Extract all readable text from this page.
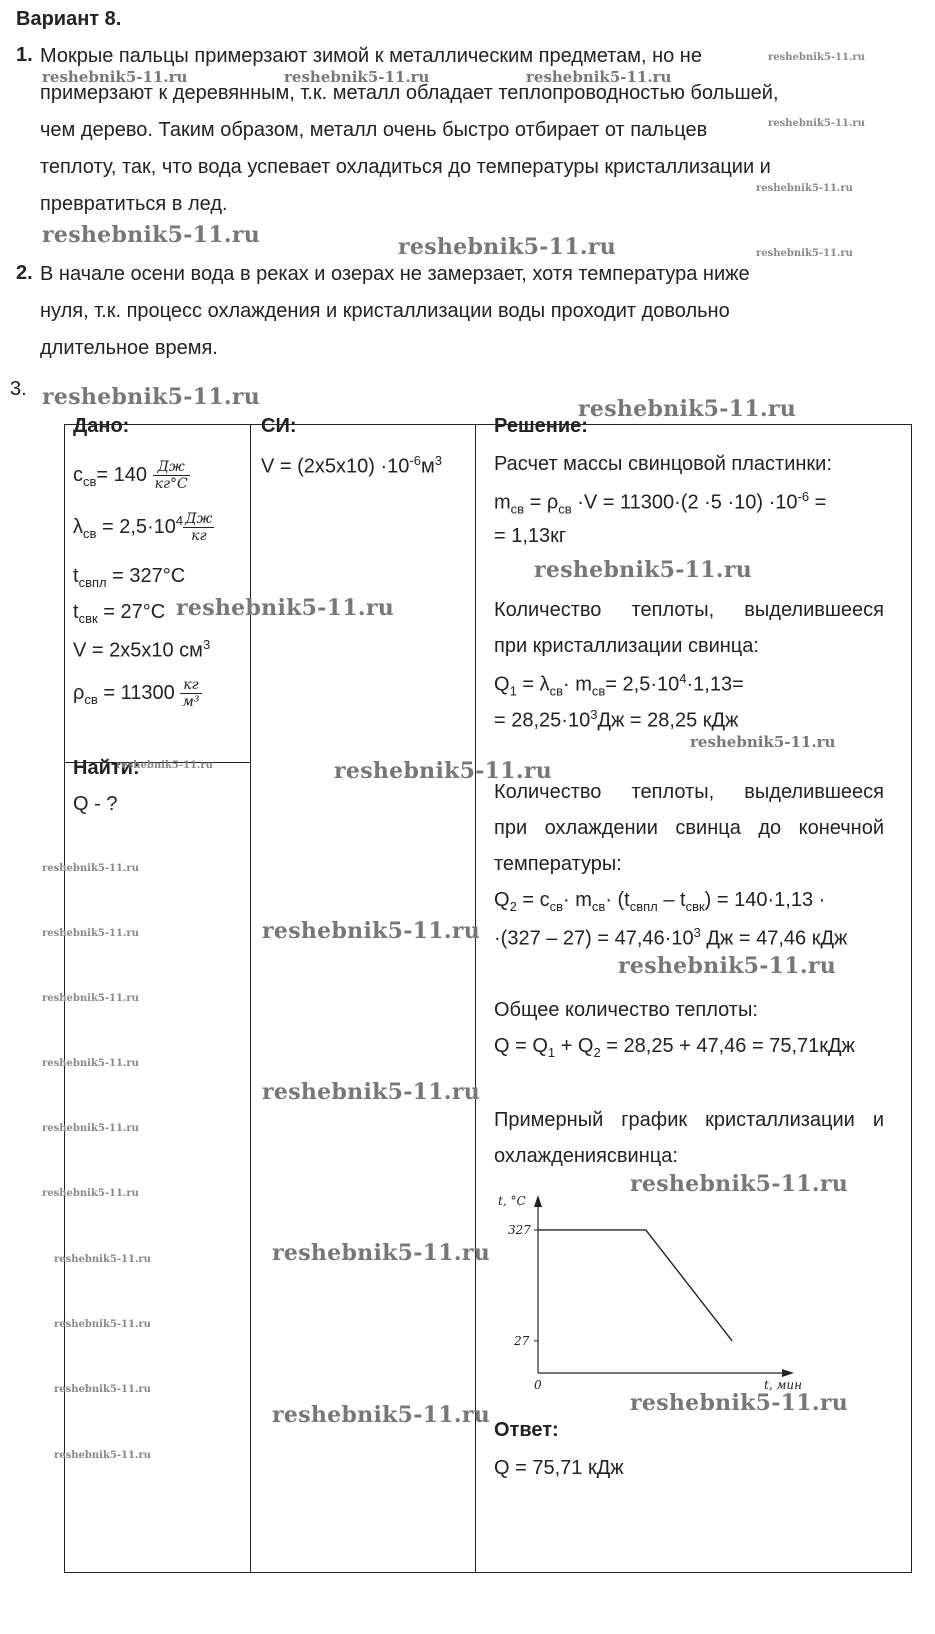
Вариант 8.
1. Мокрые пальцы примерзают зимой к металлическим предметам, но не
примерзают к деревянным, т.к. металл обладает теплопроводностью большей,
чем дерево. Таким образом, металл очень быстро отбирает от пальцев
теплоту, так, что вода успевает охладиться до температуры кристаллизации и
превратиться в лед.
2. В начале осени вода в реках и озерах не замерзает, хотя температура ниже
нуля, т.к. процесс охлаждения и кристаллизации воды проходит довольно
длительное время.
3.
Дано:
$c_{св}= 140 \frac{Дж}{кг^\circ C}$
$\lambda_{св} = 2,5\cdot 10^4 \frac{Дж}{кг}$
$t_{свпл} = 327^\circ C$
$t_{свк} = 27^\circ C$
V = 2x5x10 $см^3$
$\rho_{св} = 11300 \frac{кг}{\text{м³}}$

СИ:
$V = (2x5x10) \cdot 10^{-6}м^3$

Решение:
Расчет массы свинцовой пластинки:
$m_{св} = \rho_{св} \cdot V = 11300\cdot(2 \cdot 5 \cdot 10) \cdot 10^{-6}$ =
= 1,13кг
Количество теплоты, выделившееся
при кристаллизации свинца:
$Q_1 = \lambda_{св}\cdot m_{св}= 2,5\cdot 10^4\cdot 1,13=$
= $28,25\cdot 10^3Дж = 28,25$ кДж
Количество теплоты, выделившееся
при охлаждении свинца до конечной
температуры:
$Q_2 = c_{св}\cdot m_{св}\cdot (t_{свпл} - t_{свк}) = 140\cdot 1,13$ ·
$\cdot(327 - 27) = 47,46\cdot 10^3$ Дж = 47,46 кДж
Общее количество теплоты:
$Q = Q_1 + Q_2 = 28,25 + 47,46 = 75,71кДж$
Примерный график кристаллизации и
охлаждениясвинца:
t, °C
t, мин
327
27
0
Ответ:
Q = 75,71 кДж

Найти:
Q - ?
reshebnik5-11.ru
reshebnik5-11.ru	reshebnik5-11.ru	reshebnik5-11.ru
reshebnik5-11.ru
reshebnik5-11.ru
reshebnik5-11.ru	reshebnik5-11.ru	reshebnik5-11.ru
reshebnik5-11.ru	reshebnik5-11.ru
reshebnik5-11.ru
reshebnik5-11.ru
reshebnik5-11.ru
reshebnik5-11.ru	reshebnik5-11.ru
reshebnik5-11.ru
reshebnik5-11.ru
reshebnik5-11.ru
reshebnik5-11.ru
reshebnik5-11.ru
reshebnik5-11.ru
reshebnik5-11.ru
reshebnik5-11.ru
reshebnik5-11.ru
reshebnik5-11.ru
reshebnik5-11.ru
reshebnik5-11.ru
reshebnik5-11.ru
reshebnik5-11.ru
reshebnik5-11.ru
reshebnik5-11.ru
reshebnik5-11.ru
